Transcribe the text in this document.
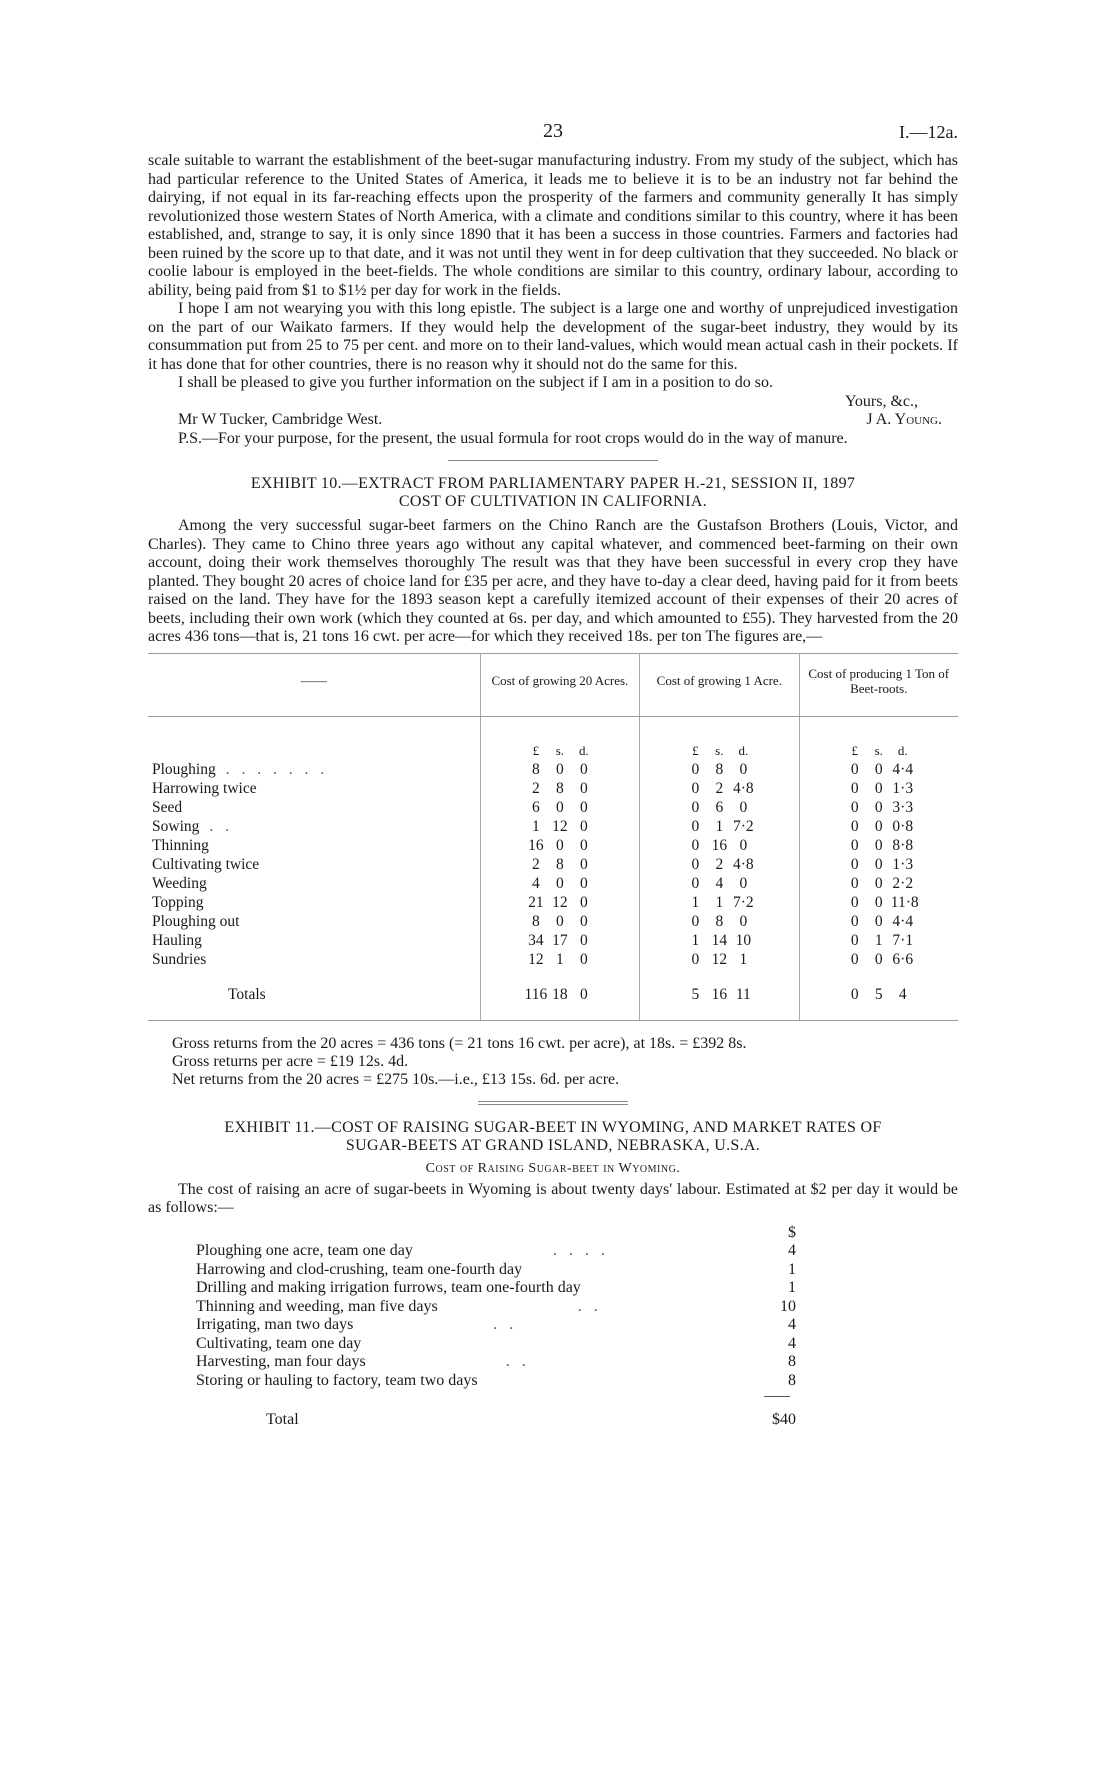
23	I.—12a.

scale suitable to warrant the establishment of the beet-sugar manufacturing industry. From my study of the subject, which has had particular reference to the United States of America, it leads me to believe it is to be an industry not far behind the dairying, if not equal in its far-reaching effects upon the prosperity of the farmers and community generally It has simply revolutionized those western States of North America, with a climate and conditions similar to this country, where it has been established, and, strange to say, it is only since 1890 that it has been a success in those countries. Farmers and factories had been ruined by the score up to that date, and it was not until they went in for deep cultivation that they succeeded. No black or coolie labour is employed in the beet-fields. The whole conditions are similar to this country, ordinary labour, according to ability, being paid from $1 to $1½ per day for work in the fields.

I hope I am not wearying you with this long epistle. The subject is a large one and worthy of unprejudiced investigation on the part of our Waikato farmers. If they would help the development of the sugar-beet industry, they would by its consummation put from 25 to 75 per cent. and more on to their land-values, which would mean actual cash in their pockets. If it has done that for other countries, there is no reason why it should not do the same for this.

I shall be pleased to give you further information on the subject if I am in a position to do so.

Yours, &c.,
Mr W Tucker, Cambridge West.	J A. Young.

P.S.—For your purpose, for the present, the usual formula for root crops would do in the way of manure.

EXHIBIT 10.—EXTRACT FROM PARLIAMENTARY PAPER H.-21, SESSION II, 1897
COST OF CULTIVATION IN CALIFORNIA.

Among the very successful sugar-beet farmers on the Chino Ranch are the Gustafson Brothers (Louis, Victor, and Charles). They came to Chino three years ago without any capital whatever, and commenced beet-farming on their own account, doing their work themselves thoroughly The result was that they have been successful in every crop they have planted. They bought 20 acres of choice land for £35 per acre, and they have to-day a clear deed, having paid for it from beets raised on the land. They have for the 1893 season kept a carefully itemized account of their expenses of their 20 acres of beets, including their own work (which they counted at 6s. per day, and which amounted to £55). They harvested from the 20 acres 436 tons—that is, 21 tons 16 cwt. per acre—for which they received 18s. per ton The figures are,—

——	Cost of growing 20 Acres.	Cost of growing 1 Acre.	Cost of producing 1 Ton of Beet-roots.
	£ s. d.	£ s. d.	£ s. d.
Ploughing . . . . . . .	8 0 0	0 8 0	0 0 4·4
Harrowing twice	2 8 0	0 2 4·8	0 0 1·3
Seed	6 0 0	0 6 0	0 0 3·3
Sowing . .	1 12 0	0 1 7·2	0 0 0·8
Thinning	16 0 0	0 16 0	0 0 8·8
Cultivating twice	2 8 0	0 2 4·8	0 0 1·3
Weeding	4 0 0	0 4 0	0 0 2·2
Topping	21 12 0	1 1 7·2	0 0 11·8
Ploughing out	8 0 0	0 8 0	0 0 4·4
Hauling	34 17 0	1 14 10	0 1 7·1
Sundries	12 1 0	0 12 1	0 0 6·6
Totals	116 18 0	5 16 11	0 5 4
Gross returns from the 20 acres = 436 tons (= 21 tons 16 cwt. per acre), at 18s. = £392 8s.
Gross returns per acre = £19 12s. 4d.
Net returns from the 20 acres = £275 10s.—i.e., £13 15s. 6d. per acre.
EXHIBIT 11.—COST OF RAISING SUGAR-BEET IN WYOMING, AND MARKET RATES OF
SUGAR-BEETS AT GRAND ISLAND, NEBRASKA, U.S.A.
Cost of Raising Sugar-beet in Wyoming.

The cost of raising an acre of sugar-beets in Wyoming is about twenty days' labour. Estimated at $2 per day it would be as follows:—

$
Ploughing one acre, team one day	. . . .	4
Harrowing and clod-crushing, team one-fourth day	1
Drilling and making irrigation furrows, team one-fourth day	1
Thinning and weeding, man five days	. .	10
Irrigating, man two days	. .	4
Cultivating, team one day	4
Harvesting, man four days	. .	8
Storing or hauling to factory, team two days	8
Total	$40
